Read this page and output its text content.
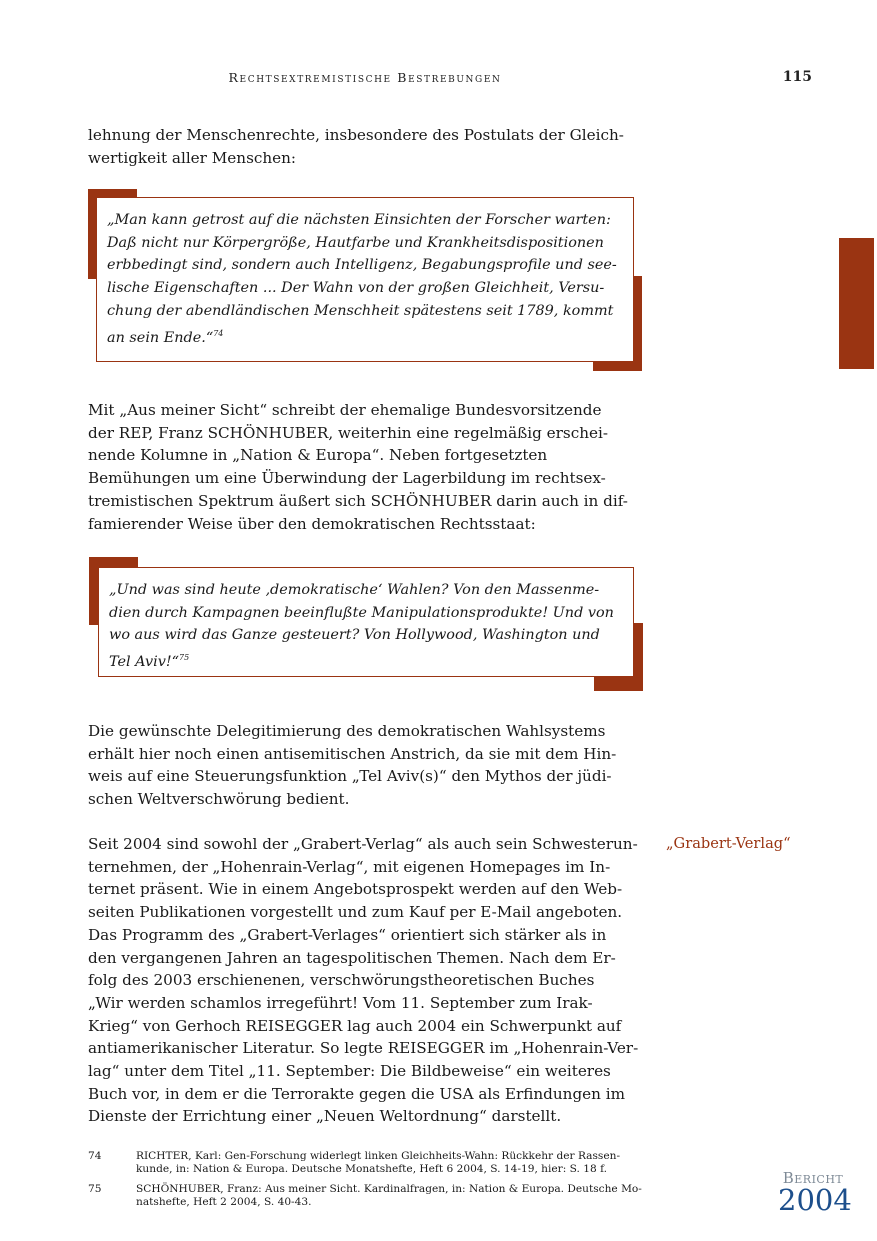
Rechtsextremistische Bestrebungen	115

lehnung der Menschenrechte, insbesondere des Postulats der Gleich-
wertigkeit aller Menschen:

„Man kann getrost auf die nächsten Einsichten der Forscher warten:
Daß nicht nur Körpergröße, Hautfarbe und Krankheitsdispositionen
erbbedingt sind, sondern auch Intelligenz, Begabungsprofile und see-
lische Eigenschaften ... Der Wahn von der großen Gleichheit, Versu-
chung der abendländischen Menschheit spätestens seit 1789, kommt
an sein Ende.“$^{74}$

Mit „Aus meiner Sicht“ schreibt der ehemalige Bundesvorsitzende
der REP, Franz SCHÖNHUBER, weiterhin eine regelmäßig erschei-
nende Kolumne in „Nation & Europa“. Neben fortgesetzten
Bemühungen um eine Überwindung der Lagerbildung im rechtsex-
tremistischen Spektrum äußert sich SCHÖNHUBER darin auch in dif-
famierender Weise über den demokratischen Rechtsstaat:

„Und was sind heute ‚demokratische‘ Wahlen? Von den Massenme-
dien durch Kampagnen beeinflußte Manipulationsprodukte! Und von
wo aus wird das Ganze gesteuert? Von Hollywood, Washington und
Tel Aviv!“$^{75}$

Die gewünschte Delegitimierung des demokratischen Wahlsystems
erhält hier noch einen antisemitischen Anstrich, da sie mit dem Hin-
weis auf eine Steuerungsfunktion „Tel Aviv(s)“ den Mythos der jüdi-
schen Weltverschwörung bedient.

Seit 2004 sind sowohl der „Grabert-Verlag“ als auch sein Schwesterun-
ternehmen, der „Hohenrain-Verlag“, mit eigenen Homepages im In-
ternet präsent. Wie in einem Angebotsprospekt werden auf den Web-
seiten Publikationen vorgestellt und zum Kauf per E-Mail angeboten.
Das Programm des „Grabert-Verlages“ orientiert sich stärker als in
den vergangenen Jahren an tagespolitischen Themen. Nach dem Er-
folg des 2003 erschienenen, verschwörungstheoretischen Buches
„Wir werden schamlos irregeführt! Vom 11. September zum Irak-
Krieg“ von Gerhoch REISEGGER lag auch 2004 ein Schwerpunkt auf
antiamerikanischer Literatur. So legte REISEGGER im „Hohenrain-Ver-
lag“ unter dem Titel „11. September: Die Bildbeweise“ ein weiteres
Buch vor, in dem er die Terrorakte gegen die USA als Erfindungen im
Dienste der Errichtung einer „Neuen Weltordnung“ darstellt.

„Grabert-Verlag“
74	RICHTER, Karl: Gen-Forschung widerlegt linken Gleichheits-Wahn: Rückkehr der Rassen-
kunde, in: Nation & Europa. Deutsche Monatshefte, Heft 6 2004, S. 14-19, hier: S. 18 f.
75	SCHÖNHUBER, Franz: Aus meiner Sicht. Kardinalfragen, in: Nation & Europa. Deutsche Mo-
natshefte, Heft 2 2004, S. 40-43.
Bericht
2004
